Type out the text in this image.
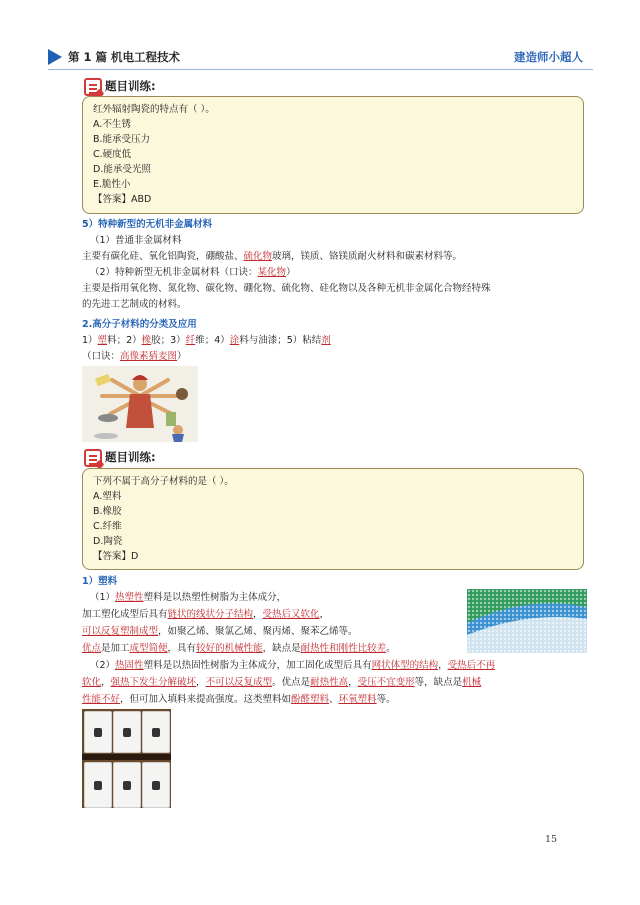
第 1 篇 机电工程技术	建造师小超人
题目训练:
红外辐射陶瓷的特点有（ ）。
A.不生锈
B.能承受压力
C.硬度低
D.能承受光照
E.脆性小
【答案】ABD
5）特种新型的无机非金属材料
（1）普通非金属材料
主要有碳化硅、氧化铝陶瓷，硼酸盐、硫化物玻璃，镁质、铬镁质耐火材料和碳素材料等。
（2）特种新型无机非金属材料（口诀：某化物）
主要是指用氧化物、氮化物、碳化物、硼化物、硫化物、硅化物以及各种无机非金属化合物经特殊
的先进工艺制成的材料。
2.高分子材料的分类及应用
1）塑料；2）橡胶；3）纤维；4）涂料与油漆；5）粘结剂
（口诀：高像素猜麦图）
题目训练:
下列不属于高分子材料的是（ ）。
A.塑料
B.橡胶
C.纤维
D.陶瓷
【答案】D
1）塑料
（1）热塑性塑料是以热塑性树脂为主体成分，
加工塑化成型后具有链状的线状分子结构，受热后又软化，
可以反复塑制成型，如聚乙烯、聚氯乙烯、聚丙烯、聚苯乙烯等。
优点是加工成型简便，具有较好的机械性能，缺点是耐热性和刚性比较差。
（2）热固性塑料是以热固性树脂为主体成分，加工固化成型后具有网状体型的结构，受热后不再
软化，强热下发生分解破坏，不可以反复成型。优点是耐热性高，受压不宜变形等，缺点是机械
性能不好，但可加入填料来提高强度。这类塑料如酚醛塑料、环氧塑料等。
15
